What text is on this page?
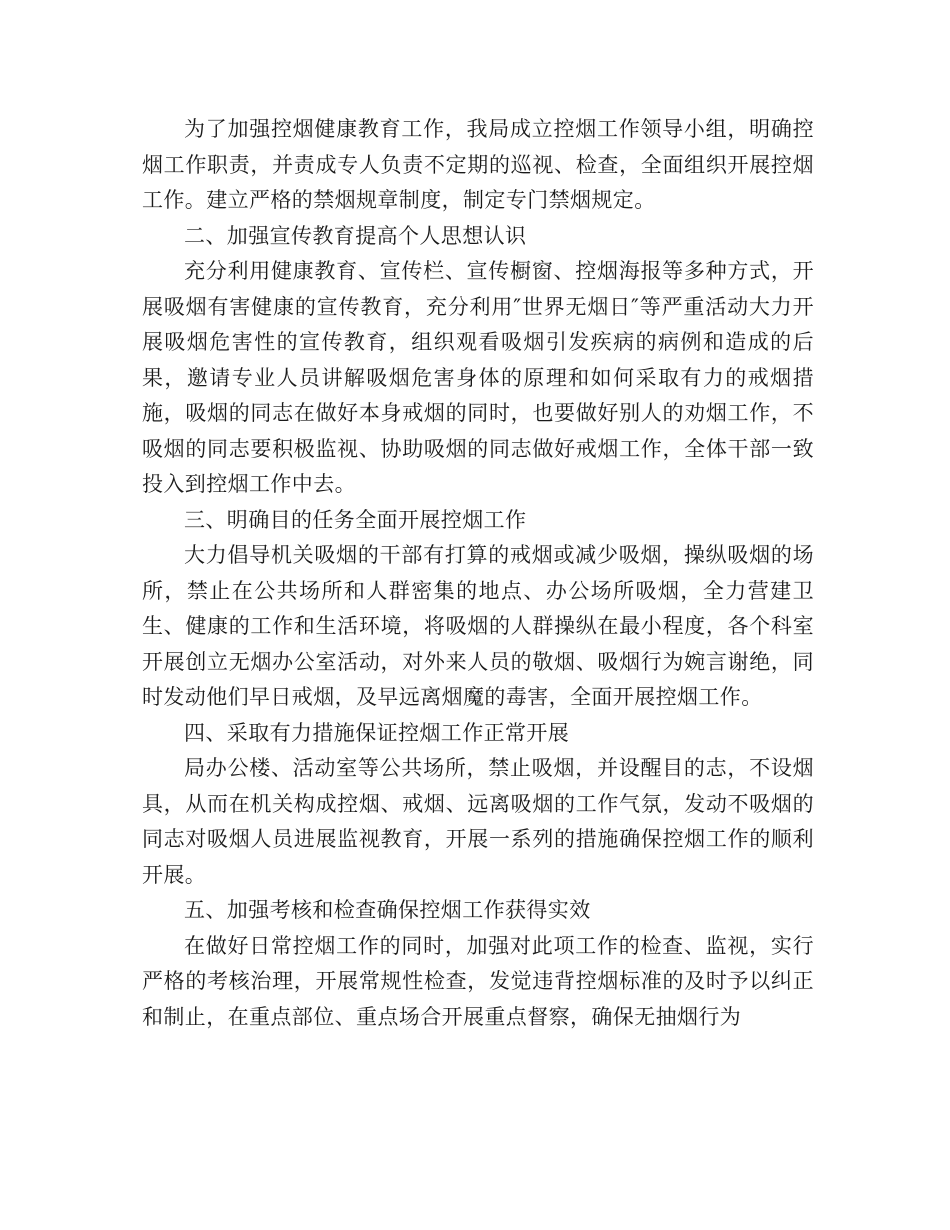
为了加强控烟健康教育工作，我局成立控烟工作领导小组，明确控烟工作职责，并责成专人负责不定期的巡视、检查，全面组织开展控烟工作。建立严格的禁烟规章制度，制定专门禁烟规定。

二、加强宣传教育提高个人思想认识

充分利用健康教育、宣传栏、宣传橱窗、控烟海报等多种方式，开展吸烟有害健康的宣传教育，充分利用″世界无烟日″等严重活动大力开展吸烟危害性的宣传教育，组织观看吸烟引发疾病的病例和造成的后果，邀请专业人员讲解吸烟危害身体的原理和如何采取有力的戒烟措施，吸烟的同志在做好本身戒烟的同时，也要做好别人的劝烟工作，不吸烟的同志要积极监视、协助吸烟的同志做好戒烟工作，全体干部一致投入到控烟工作中去。

三、明确目的任务全面开展控烟工作

大力倡导机关吸烟的干部有打算的戒烟或减少吸烟，操纵吸烟的场所，禁止在公共场所和人群密集的地点、办公场所吸烟，全力营建卫生、健康的工作和生活环境，将吸烟的人群操纵在最小程度，各个科室开展创立无烟办公室活动，对外来人员的敬烟、吸烟行为婉言谢绝，同时发动他们早日戒烟，及早远离烟魔的毒害，全面开展控烟工作。

四、采取有力措施保证控烟工作正常开展

局办公楼、活动室等公共场所，禁止吸烟，并设醒目的志，不设烟具，从而在机关构成控烟、戒烟、远离吸烟的工作气氛，发动不吸烟的同志对吸烟人员进展监视教育，开展一系列的措施确保控烟工作的顺利开展。

五、加强考核和检查确保控烟工作获得实效

在做好日常控烟工作的同时，加强对此项工作的检查、监视，实行严格的考核治理，开展常规性检查，发觉违背控烟标准的及时予以纠正和制止，在重点部位、重点场合开展重点督察，确保无抽烟行为
